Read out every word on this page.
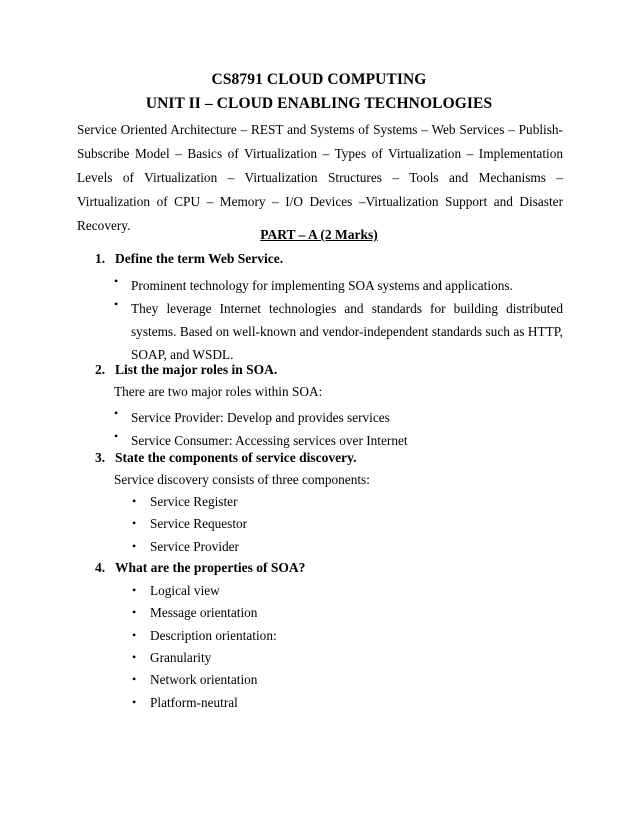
CS8791 CLOUD COMPUTING
UNIT II – CLOUD ENABLING TECHNOLOGIES
Service Oriented Architecture – REST and Systems of Systems – Web Services – Publish-Subscribe Model – Basics of Virtualization – Types of Virtualization – Implementation Levels of Virtualization – Virtualization Structures – Tools and Mechanisms – Virtualization of CPU – Memory – I/O Devices –Virtualization Support and Disaster Recovery.
PART – A (2 Marks)
1. Define the term Web Service.
• Prominent technology for implementing SOA systems and applications.
• They leverage Internet technologies and standards for building distributed systems. Based on well-known and vendor-independent standards such as HTTP, SOAP, and WSDL.
2. List the major roles in SOA.
There are two major roles within SOA:
• Service Provider: Develop and provides services
• Service Consumer: Accessing services over Internet
3. State the components of service discovery.
Service discovery consists of three components:
• Service Register
• Service Requestor
• Service Provider
4. What are the properties of SOA?
• Logical view
• Message orientation
• Description orientation:
• Granularity
• Network orientation
• Platform-neutral
